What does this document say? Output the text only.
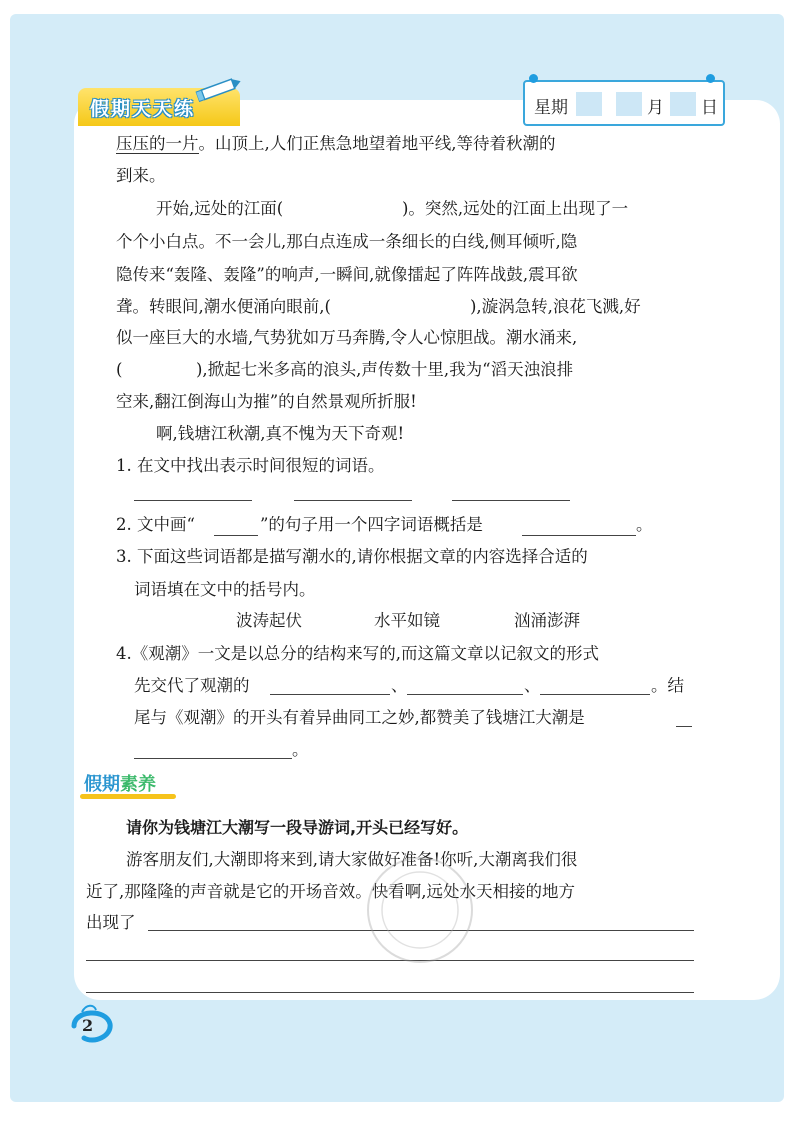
假期天天练	星期	月 日
压压的一片。山顶上,人们正焦急地望着地平线,等待着秋潮的
到来。
开始,远处的江面(	)。突然,远处的江面上出现了一
个个小白点。不一会儿,那白点连成一条细长的白线,侧耳倾听,隐
隐传来“轰隆、轰隆”的响声,一瞬间,就像擂起了阵阵战鼓,震耳欲
聋。转眼间,潮水便涌向眼前,(	),漩涡急转,浪花飞溅,好
似一座巨大的水墙,气势犹如万马奔腾,令人心惊胆战。潮水涌来,
(	),掀起七米多高的浪头,声传数十里,我为“滔天浊浪排
空来,翻江倒海山为摧”的自然景观所折服!
啊,钱塘江秋潮,真不愧为天下奇观!
1. 在文中找出表示时间很短的词语。
2. 文中画“	”的句子用一个四字词语概括是	。
3. 下面这些词语都是描写潮水的,请你根据文章的内容选择合适的
词语填在文中的括号内。
波涛起伏	水平如镜	汹涌澎湃
4.《观潮》一文是以总分的结构来写的,而这篇文章以记叙文的形式
先交代了观潮的	、	、	。结
尾与《观潮》的开头有着异曲同工之妙,都赞美了钱塘江大潮是
。
假期素养
请你为钱塘江大潮写一段导游词,开头已经写好。
游客朋友们,大潮即将来到,请大家做好准备!你听,大潮离我们很
近了,那隆隆的声音就是它的开场音效。快看啊,远处水天相接的地方
出现了
2
